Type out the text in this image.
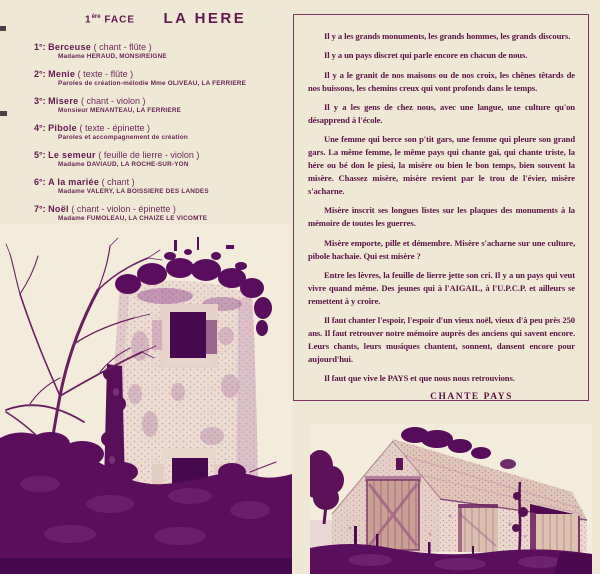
1ère FACE LA HERE
1°: Berceuse ( chant - flûte )
Madame HERAUD, MONSIREIGNE
2°: Menie ( texte - flûte )
Paroles de création-mélodie Mme OLIVEAU, LA FERRIERE
3°: Misere ( chant - violon )
Monsieur MENANTEAU, LA FERRIERE
4°: Pibole ( texte - épinette )
Paroles et accompagnement de création
5°: Le semeur ( feuille de lierre - violon )
Madame DAVIAUD, LA ROCHE-SUR-YON
6°: A la mariée ( chant )
Madame VALERY, LA BOISSIERE DES LANDES
7°: Noël ( chant - violon - épinette )
Madame FUMOLEAU, LA CHAIZE LE VICOMTE

Il y a les grands monuments, les grands hommes, les grands discours.

Il y a un pays discret qui parle encore en chacun de nous.

Il y a le granit de nos maisons ou de nos croix, les chênes têtards de nos buissons, les chemins creux qui vont profonds dans le temps.

Il y a les gens de chez nous, avec une langue, une culture qu'on désapprend à l'école.

Une femme qui berce son p'tit gars, une femme qui pleure son grand gars. La même femme, le même pays qui chante gai, qui chante triste, la hére ou bé don le piesi, la misère ou bien le bon temps, bien souvent la misère. Chassez misère, misère revient par le trou de l'évier, misère s'acharne.

Misère inscrit ses longues listes sur les plaques des monuments à la mémoire de toutes les guerres.

Misère emporte, pille et démembre. Misère s'acharne sur une culture, pibole hachaie. Qui est misère ?

Entre les lèvres, la feuille de lierre jette son cri. Il y a un pays qui veut vivre quand même. Des jeunes qui à l'AIGAIL, à l'U.P.C.P. et ailleurs se remettent à y croire.

Il faut chanter l'espoir, l'espoir d'un vieux noël, vieux d'à peu près 250 ans. Il faut retrouver notre mémoire auprès des anciens qui savent encore. Leurs chants, leurs musiques chantent, sonnent, dansent encore pour aujourd'hui.

Il faut que vive le PAYS et que nous nous retrouvions.

CHANTE PAYS
